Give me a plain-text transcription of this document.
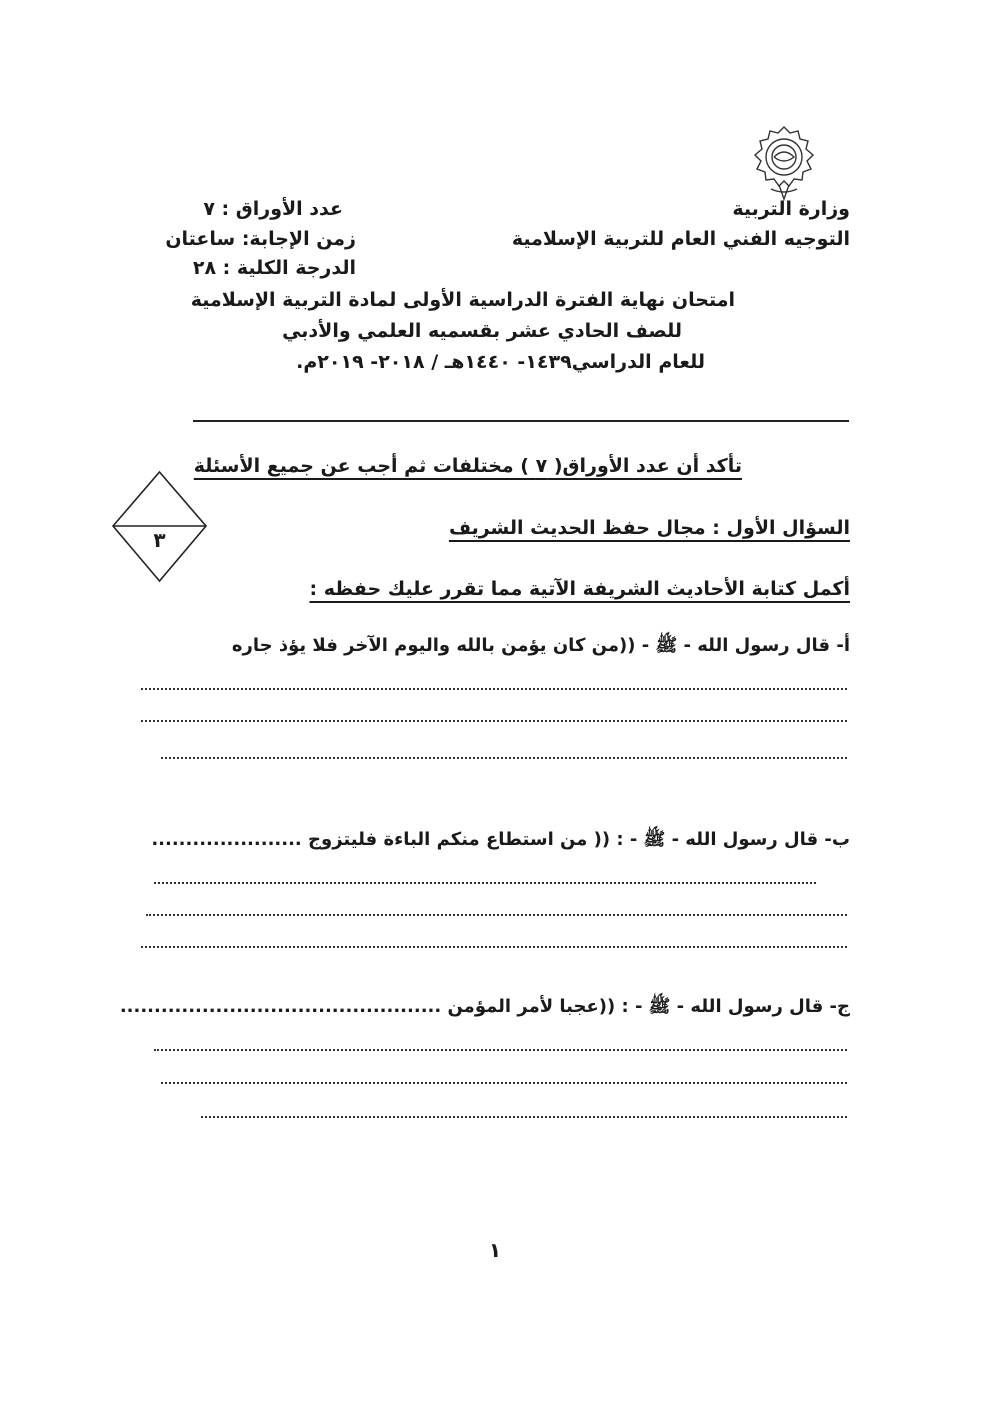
وزارة التربية
التوجيه الفني العام للتربية الإسلامية
عدد الأوراق : ٧
زمن الإجابة: ساعتان
الدرجة الكلية : ٢٨
امتحان نهاية الفترة الدراسية الأولى لمادة التربية الإسلامية
للصف الحادي عشر بقسميه العلمي والأدبي
للعام الدراسي١٤٣٩- ١٤٤٠هـ / ٢٠١٨- ٢٠١٩م.
تأكد أن عدد الأوراق( ٧ ) مختلفات ثم أجب عن جميع الأسئلة
٣	السؤال الأول : مجال حفظ الحديث الشريف
أكمل كتابة الأحاديث الشريفة الآتية مما تقرر عليك حفظه :
أ- قال رسول الله - ﷺ - ((من كان يؤمن بالله واليوم الآخر فلا يؤذ جاره
ب- قال رسول الله - ﷺ - : (( من استطاع منكم الباءة فليتزوج ......................
ج- قال رسول الله - ﷺ - : ((عجبا لأمر المؤمن ...............................................
١
